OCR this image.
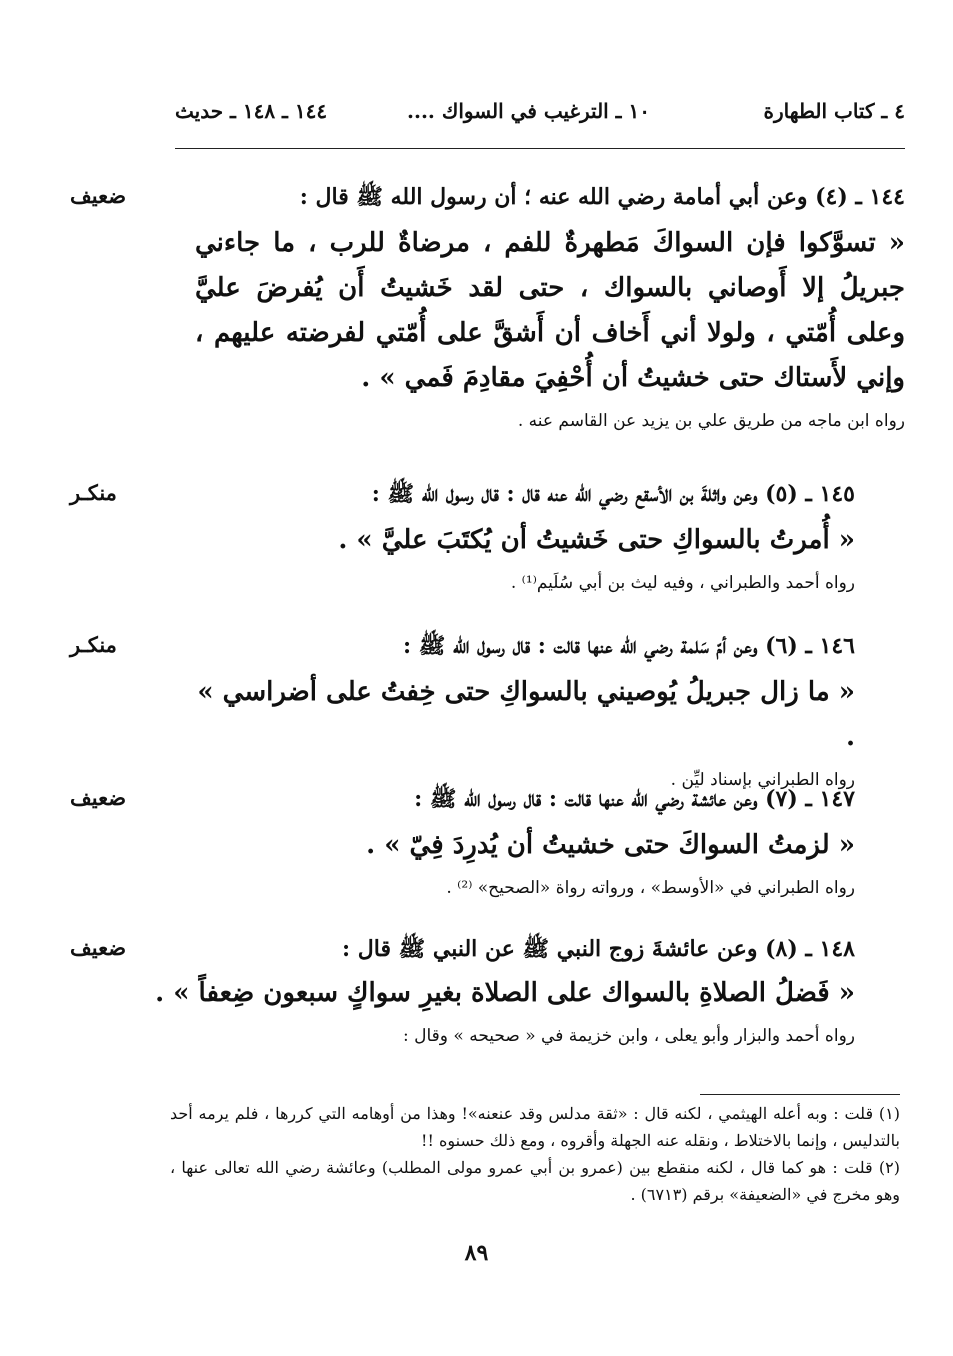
٤ ـ كتاب الطهارة
١٠ ـ الترغيب في السواك ....
١٤٤ ـ ١٤٨ ـ حديث
ضعيف	١٤٤ ـ (٤) وعن أبي أمامة رضي الله عنه ؛ أن رسول الله ﷺ قال :
« تسوَّكوا فإن السواكَ مَطهرةٌ للفم ، مرضاةٌ للرب ، ما جاءني جبريلُ إلا أَوصاني بالسواك ، حتى لقد خَشيتُ أَن يُفرضَ عليَّ وعلى أُمّتي ، ولولا أني أَخاف أن أَشقَّ على أُمّتي لفرضته عليهم ، وإني لأَستاك حتى خشيتُ أن أُحْفِيَ مقادِمَ فَمي » .
رواه ابن ماجه من طريق علي بن يزيد عن القاسم عنه .
منكـر	١٤٥ ـ (٥) وعن واثلةَ بن الأسقع رضي الله عنه قال : قال رسول الله ﷺ :
« أُمرتُ بالسواكِ حتى خَشيتُ أن يُكتَبَ عليَّ » .
رواه أحمد والطبراني ، وفيه ليث بن أبي سُلَيم⁽¹⁾ .
منكـر	١٤٦ ـ (٦) وعن أمّ سَلمة رضي الله عنها قالت : قال رسول الله ﷺ :
« ما زال جبريلُ يُوصيني بالسواكِ حتى خِفتُ على أضراسي » .
رواه الطبراني بإسناد ليِّن .
ضعيف	١٤٧ ـ (٧) وعن عائشة رضي الله عنها قالت : قال رسول الله ﷺ :
« لزمتُ السواكَ حتى خشيتُ أن يُدرِدَ فِيّ » .
رواه الطبراني في «الأوسط» ، ورواته رواة «الصحيح» ⁽²⁾ .
ضعيف	١٤٨ ـ (٨) وعن عائشةَ زوج النبي ﷺ عن النبي ﷺ قال :
« فَضلُ الصلاةِ بالسواك على الصلاة بغيرِ سواكٍ سبعون ضِعفاً » .
رواه أحمد والبزار وأبو يعلى ، وابن خزيمة في « صحيحه » وقال :

(١) قلت : وبه أعله الهيثمي ، لكنه قال : «ثقة مدلس وقد عنعنه»! وهذا من أوهامه التي كررها ، فلم يرمه أحد بالتدليس ، وإنما بالاختلاط ، ونقله عنه الجهلة وأقروه ، ومع ذلك حسنوه !!

(٢) قلت : هو كما قال ، لكنه منقطع بين (عمرو بن أبي عمرو مولى المطلب) وعائشة رضي الله تعالى عنها ، وهو مخرج في «الضعيفة» برقم (٦٧١٣) .

٨٩
